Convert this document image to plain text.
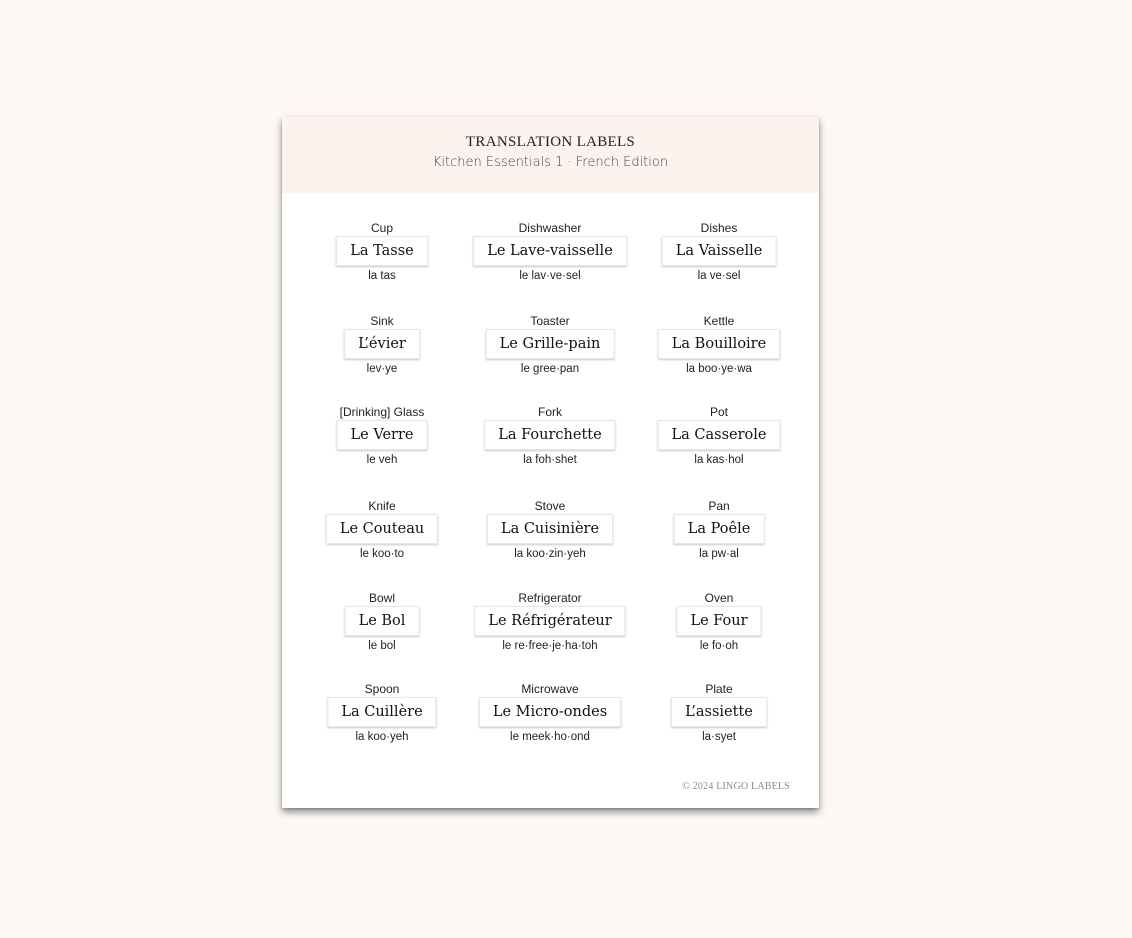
TRANSLATION LABELS
Kitchen Essentials 1 · French Edition
Cup
La Tasse
la tas
Dishwasher
Le Lave-vaisselle
le lav·ve·sel
Dishes
La Vaisselle
la ve·sel
Sink
L’évier
lev·ye
Toaster
Le Grille-pain
le gree·pan
Kettle
La Bouilloire
la boo·ye·wa
[Drinking] Glass
Le Verre
le veh
Fork
La Fourchette
la foh·shet
Pot
La Casserole
la kas·hol
Knife
Le Couteau
le koo·to
Stove
La Cuisinière
la koo·zin·yeh
Pan
La Poêle
la pw·al
Bowl
Le Bol
le bol
Refrigerator
Le Réfrigérateur
le re·free·je·ha·toh
Oven
Le Four
le fo·oh
Spoon
La Cuillère
la koo·yeh
Microwave
Le Micro-ondes
le meek·ho·ond
Plate
L’assiette
la·syet
© 2024 LINGO LABELS
